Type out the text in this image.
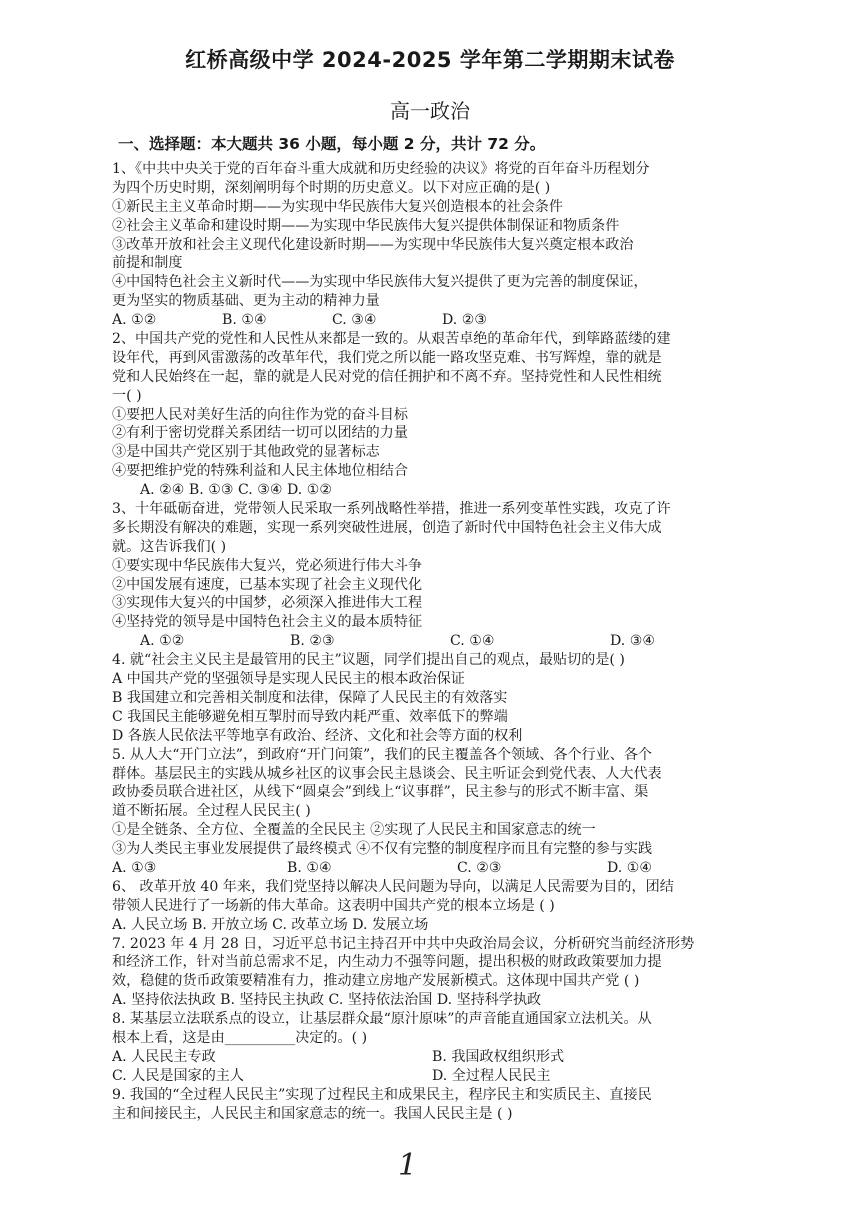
红桥高级中学 2024-2025 学年第二学期期末试卷
高一政治
一、选择题：本大题共 36 小题，每小题 2 分，共计 72 分。
1、《中共中央关于党的百年奋斗重大成就和历史经验的决议》将党的百年奋斗历程划分
为四个历史时期，深刻阐明每个时期的历史意义。以下对应正确的是( )
①新民主主义革命时期——为实现中华民族伟大复兴创造根本的社会条件
②社会主义革命和建设时期——为实现中华民族伟大复兴提供体制保证和物质条件
③改革开放和社会主义现代化建设新时期——为实现中华民族伟大复兴奠定根本政治
前提和制度
④中国特色社会主义新时代——为实现中华民族伟大复兴提供了更为完善的制度保证，
更为坚实的物质基础、更为主动的精神力量
A. ①②	B. ①④	C. ③④	D. ②③
2、中国共产党的党性和人民性从来都是一致的。从艰苦卓绝的革命年代，到筚路蓝缕的建
设年代，再到风雷激荡的改革年代，我们党之所以能一路攻坚克难、书写辉煌，靠的就是
党和人民始终在一起，靠的就是人民对党的信任拥护和不离不弃。坚持党性和人民性相统
一( )
①要把人民对美好生活的向往作为党的奋斗目标
②有利于密切党群关系团结一切可以团结的力量
③是中国共产党区别于其他政党的显著标志
④要把维护党的特殊利益和人民主体地位相结合
A. ②④ B. ①③ C. ③④ D. ①②
3、十年砥砺奋进，党带领人民采取一系列战略性举措，推进一系列变革性实践，攻克了许
多长期没有解决的难题，实现一系列突破性进展，创造了新时代中国特色社会主义伟大成
就。这告诉我们( )
①要实现中华民族伟大复兴，党必须进行伟大斗争
②中国发展有速度，已基本实现了社会主义现代化
③实现伟大复兴的中国梦，必须深入推进伟大工程
④坚持党的领导是中国特色社会主义的最本质特征
A. ①②	B. ②③	C. ①④	D. ③④
4. 就“社会主义民主是最管用的民主”议题，同学们提出自己的观点，最贴切的是( )
A 中国共产党的坚强领导是实现人民民主的根本政治保证
B 我国建立和完善相关制度和法律，保障了人民民主的有效落实
C 我国民主能够避免相互掣肘而导致内耗严重、效率低下的弊端
D 各族人民依法平等地享有政治、经济、文化和社会等方面的权利
5. 从人大“开门立法”，到政府“开门问策”，我们的民主覆盖各个领域、各个行业、各个
群体。基层民主的实践从城乡社区的议事会民主恳谈会、民主听证会到党代表、人大代表
政协委员联合进社区，从线下“圆桌会”到线上“议事群”，民主参与的形式不断丰富、渠
道不断拓展。全过程人民民主( )
①是全链条、全方位、全覆盖的全民民主 ②实现了人民民主和国家意志的统一
③为人类民主事业发展提供了最终模式 ④不仅有完整的制度程序而且有完整的参与实践
A. ①③	B. ①④	C. ②③	D. ①④
6、 改革开放 40 年来，我们党坚持以解决人民问题为导向，以满足人民需要为目的，团结
带领人民进行了一场新的伟大革命。这表明中国共产党的根本立场是 ( )
A. 人民立场 B. 开放立场 C. 改革立场 D. 发展立场
7. 2023 年 4 月 28 日，习近平总书记主持召开中共中央政治局会议，分析研究当前经济形势
和经济工作，针对当前总需求不足，内生动力不强等问题，提出积极的财政政策要加力提
效，稳健的货币政策要精准有力，推动建立房地产发展新模式。这体现中国共产党 ( )
A. 坚持依法执政 B. 坚持民主执政 C. 坚持依法治国 D. 坚持科学执政
8. 某基层立法联系点的设立，让基层群众最“原汁原味”的声音能直通国家立法机关。从
根本上看，这是由__________决定的。( )
A. 人民民主专政	B. 我国政权组织形式
C. 人民是国家的主人	D. 全过程人民民主
9. 我国的“全过程人民民主”实现了过程民主和成果民主，程序民主和实质民主、直接民
主和间接民主，人民民主和国家意志的统一。我国人民民主是 ( )
1
